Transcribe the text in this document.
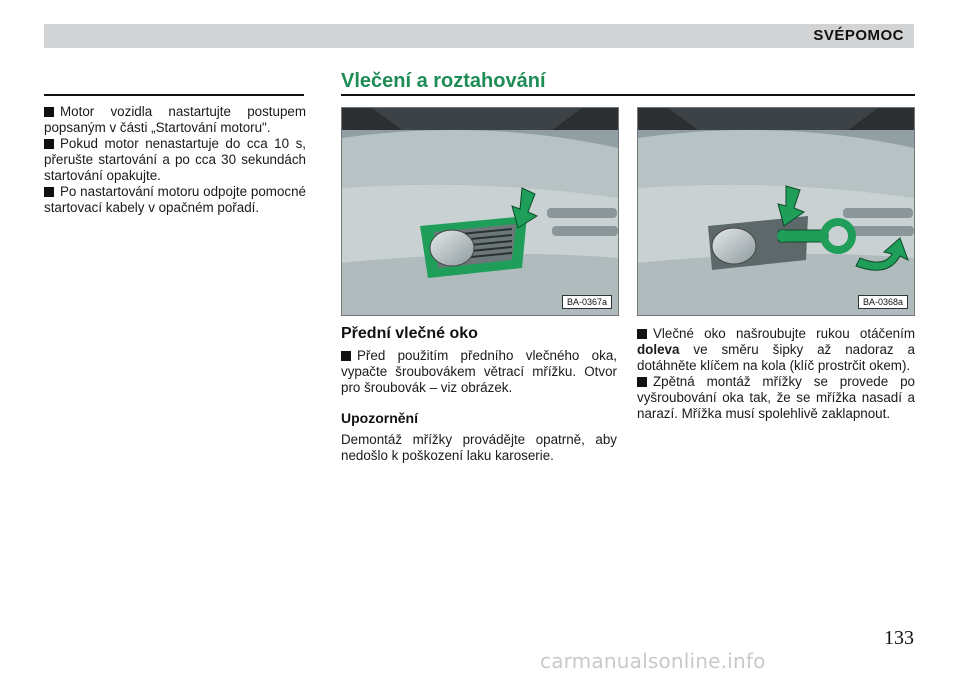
SVÉPOMOC
Vlečení a roztahování

Motor vozidla nastartujte postupem popsaným v části „Startování motoru".

Pokud motor nenastartuje do cca 10 s, přerušte startování a po cca 30 sekundách startování opakujte.

Po nastartování motoru odpojte pomocné startovací kabely v opačném pořadí.

BA-0367a	BA-0368a
Přední vlečné oko

Před použitím předního vlečného oka, vypačte šroubovákem větrací mřížku. Otvor pro šroubovák – viz obrázek.

Upozornění

Demontáž mřížky provádějte opatrně, aby nedošlo k poškození laku karoserie.

Vlečné oko našroubujte rukou otáčením doleva ve směru šipky až nadoraz a dotáhněte klíčem na kola (klíč prostrčit okem).

Zpětná montáž mřížky se provede po vyšroubování oka tak, že se mřížka nasadí a narazí. Mřížka musí spolehlivě zaklapnout.

133
carmanualsonline.info
